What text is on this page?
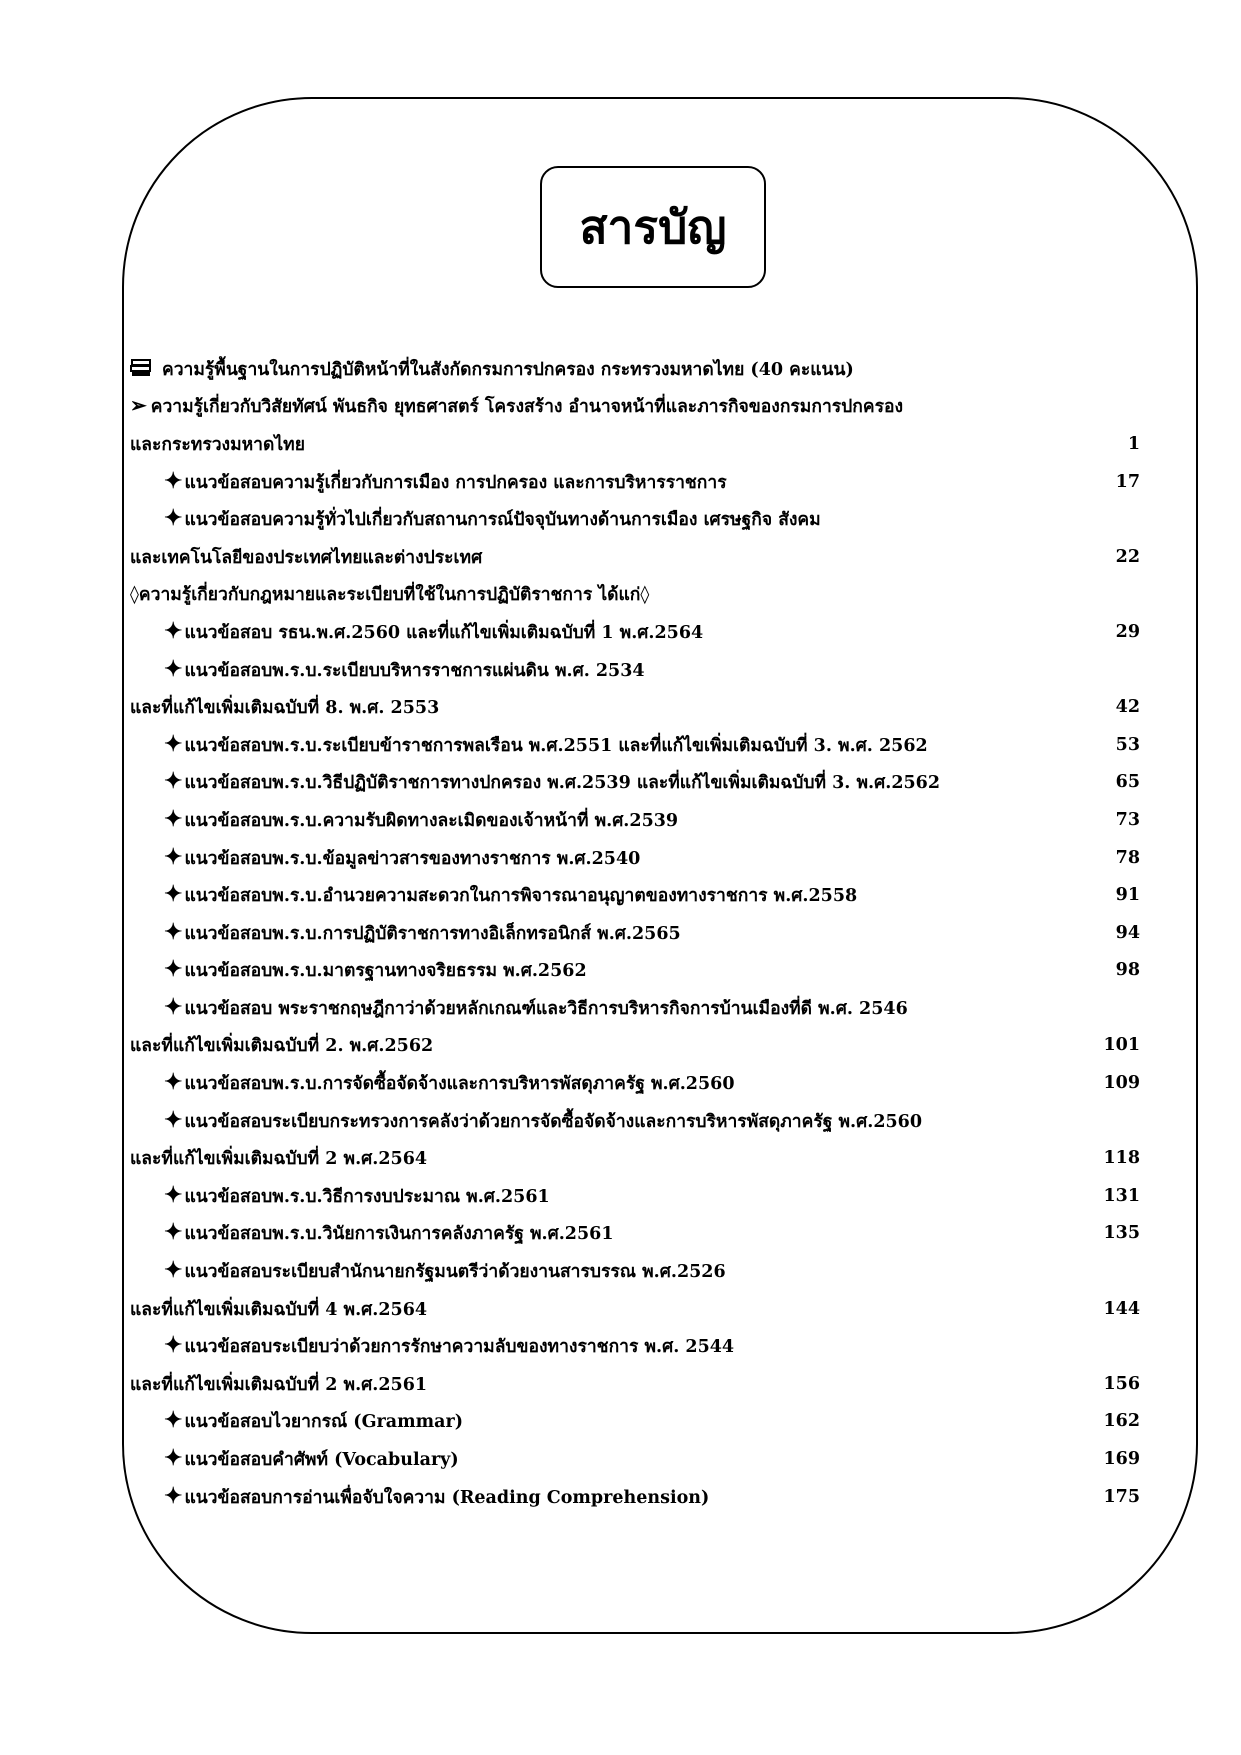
สารบัญ
ความรู้พื้นฐานในการปฏิบัติหน้าที่ในสังกัดกรมการปกครอง กระทรวงมหาดไทย (40 คะแนน)
➢ ความรู้เกี่ยวกับวิสัยทัศน์ พันธกิจ ยุทธศาสตร์ โครงสร้าง อำนาจหน้าที่และภารกิจของกรมการปกครอง
และกระทรวงมหาดไทย	1
✦ แนวข้อสอบความรู้เกี่ยวกับการเมือง การปกครอง และการบริหารราชการ	17
✦ แนวข้อสอบความรู้ทั่วไปเกี่ยวกับสถานการณ์ปัจจุบันทางด้านการเมือง เศรษฐกิจ สังคม
และเทคโนโลยีของประเทศไทยและต่างประเทศ	22
◊ความรู้เกี่ยวกับกฎหมายและระเบียบที่ใช้ในการปฏิบัติราชการ ได้แก่◊
✦ แนวข้อสอบ รธน.พ.ศ.2560 และที่แก้ไขเพิ่มเติมฉบับที่ 1 พ.ศ.2564	29
✦ แนวข้อสอบพ.ร.บ.ระเบียบบริหารราชการแผ่นดิน พ.ศ. 2534
และที่แก้ไขเพิ่มเติมฉบับที่ 8. พ.ศ. 2553	42
✦ แนวข้อสอบพ.ร.บ.ระเบียบข้าราชการพลเรือน พ.ศ.2551 และที่แก้ไขเพิ่มเติมฉบับที่ 3. พ.ศ. 2562	53
✦ แนวข้อสอบพ.ร.บ.วิธีปฏิบัติราชการทางปกครอง พ.ศ.2539 และที่แก้ไขเพิ่มเติมฉบับที่ 3. พ.ศ.2562	65
✦ แนวข้อสอบพ.ร.บ.ความรับผิดทางละเมิดของเจ้าหน้าที่ พ.ศ.2539	73
✦ แนวข้อสอบพ.ร.บ.ข้อมูลข่าวสารของทางราชการ พ.ศ.2540	78
✦ แนวข้อสอบพ.ร.บ.อำนวยความสะดวกในการพิจารณาอนุญาตของทางราชการ พ.ศ.2558	91
✦ แนวข้อสอบพ.ร.บ.การปฏิบัติราชการทางอิเล็กทรอนิกส์ พ.ศ.2565	94
✦ แนวข้อสอบพ.ร.บ.มาตรฐานทางจริยธรรม พ.ศ.2562	98
✦ แนวข้อสอบ พระราชกฤษฎีกาว่าด้วยหลักเกณฑ์และวิธีการบริหารกิจการบ้านเมืองที่ดี พ.ศ. 2546
และที่แก้ไขเพิ่มเติมฉบับที่ 2. พ.ศ.2562	101
✦ แนวข้อสอบพ.ร.บ.การจัดซื้อจัดจ้างและการบริหารพัสดุภาครัฐ พ.ศ.2560	109
✦ แนวข้อสอบระเบียบกระทรวงการคลังว่าด้วยการจัดซื้อจัดจ้างและการบริหารพัสดุภาครัฐ พ.ศ.2560
และที่แก้ไขเพิ่มเติมฉบับที่ 2 พ.ศ.2564	118
✦ แนวข้อสอบพ.ร.บ.วิธีการงบประมาณ พ.ศ.2561	131
✦ แนวข้อสอบพ.ร.บ.วินัยการเงินการคลังภาครัฐ พ.ศ.2561	135
✦ แนวข้อสอบระเบียบสำนักนายกรัฐมนตรีว่าด้วยงานสารบรรณ พ.ศ.2526
และที่แก้ไขเพิ่มเติมฉบับที่ 4 พ.ศ.2564	144
✦ แนวข้อสอบระเบียบว่าด้วยการรักษาความลับของทางราชการ พ.ศ. 2544
และที่แก้ไขเพิ่มเติมฉบับที่ 2 พ.ศ.2561	156
✦ แนวข้อสอบไวยากรณ์ (Grammar)	162
✦ แนวข้อสอบคำศัพท์ (Vocabulary)	169
✦ แนวข้อสอบการอ่านเพื่อจับใจความ (Reading Comprehension)	175
